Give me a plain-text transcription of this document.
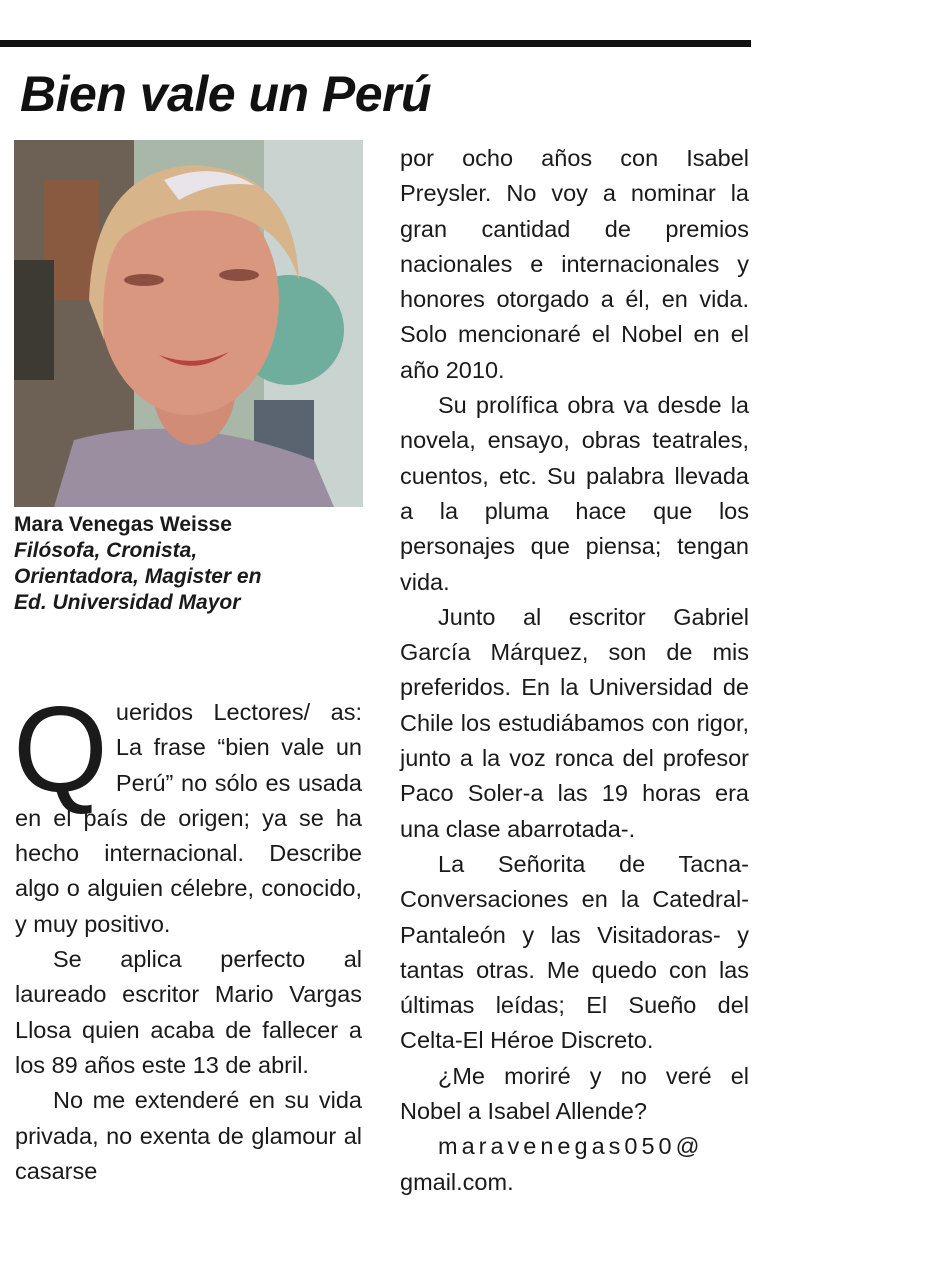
Bien vale un Perú
Mara Venegas Weisse
Filósofa, Cronista,
Orientadora, Magister en
Ed. Universidad Mayor

Queridos Lectores/ as: La frase “bien vale un Perú” no sólo es usada en el país de origen; ya se ha hecho internacional. Describe algo o alguien célebre, conocido, y muy positivo.

Se aplica perfecto al laureado escritor Mario Vargas Llosa quien acaba de fallecer a los 89 años este 13 de abril.

No me extenderé en su vida privada, no exenta de glamour al casarse

por ocho años con Isabel Preysler. No voy a nominar la gran cantidad de premios nacionales e internacionales y honores otorgado a él, en vida. Solo mencionaré el Nobel en el año 2010.

Su prolífica obra va desde la novela, ensayo, obras teatrales, cuentos, etc. Su palabra llevada a la pluma hace que los personajes que piensa; tengan vida.

Junto al escritor Gabriel García Márquez, son de mis preferidos. En la Universidad de Chile los estudiábamos con rigor, junto a la voz ronca del profesor Paco Soler-a las 19 horas era una clase abarrotada-.

La Señorita de Tacna-Conversaciones en la Catedral-Pantaleón y las Visitadoras- y tantas otras. Me quedo con las últimas leídas; El Sueño del Celta-El Héroe Discreto.

¿Me moriré y no veré el Nobel a Isabel Allende?

maravenegas050@

gmail.com.
